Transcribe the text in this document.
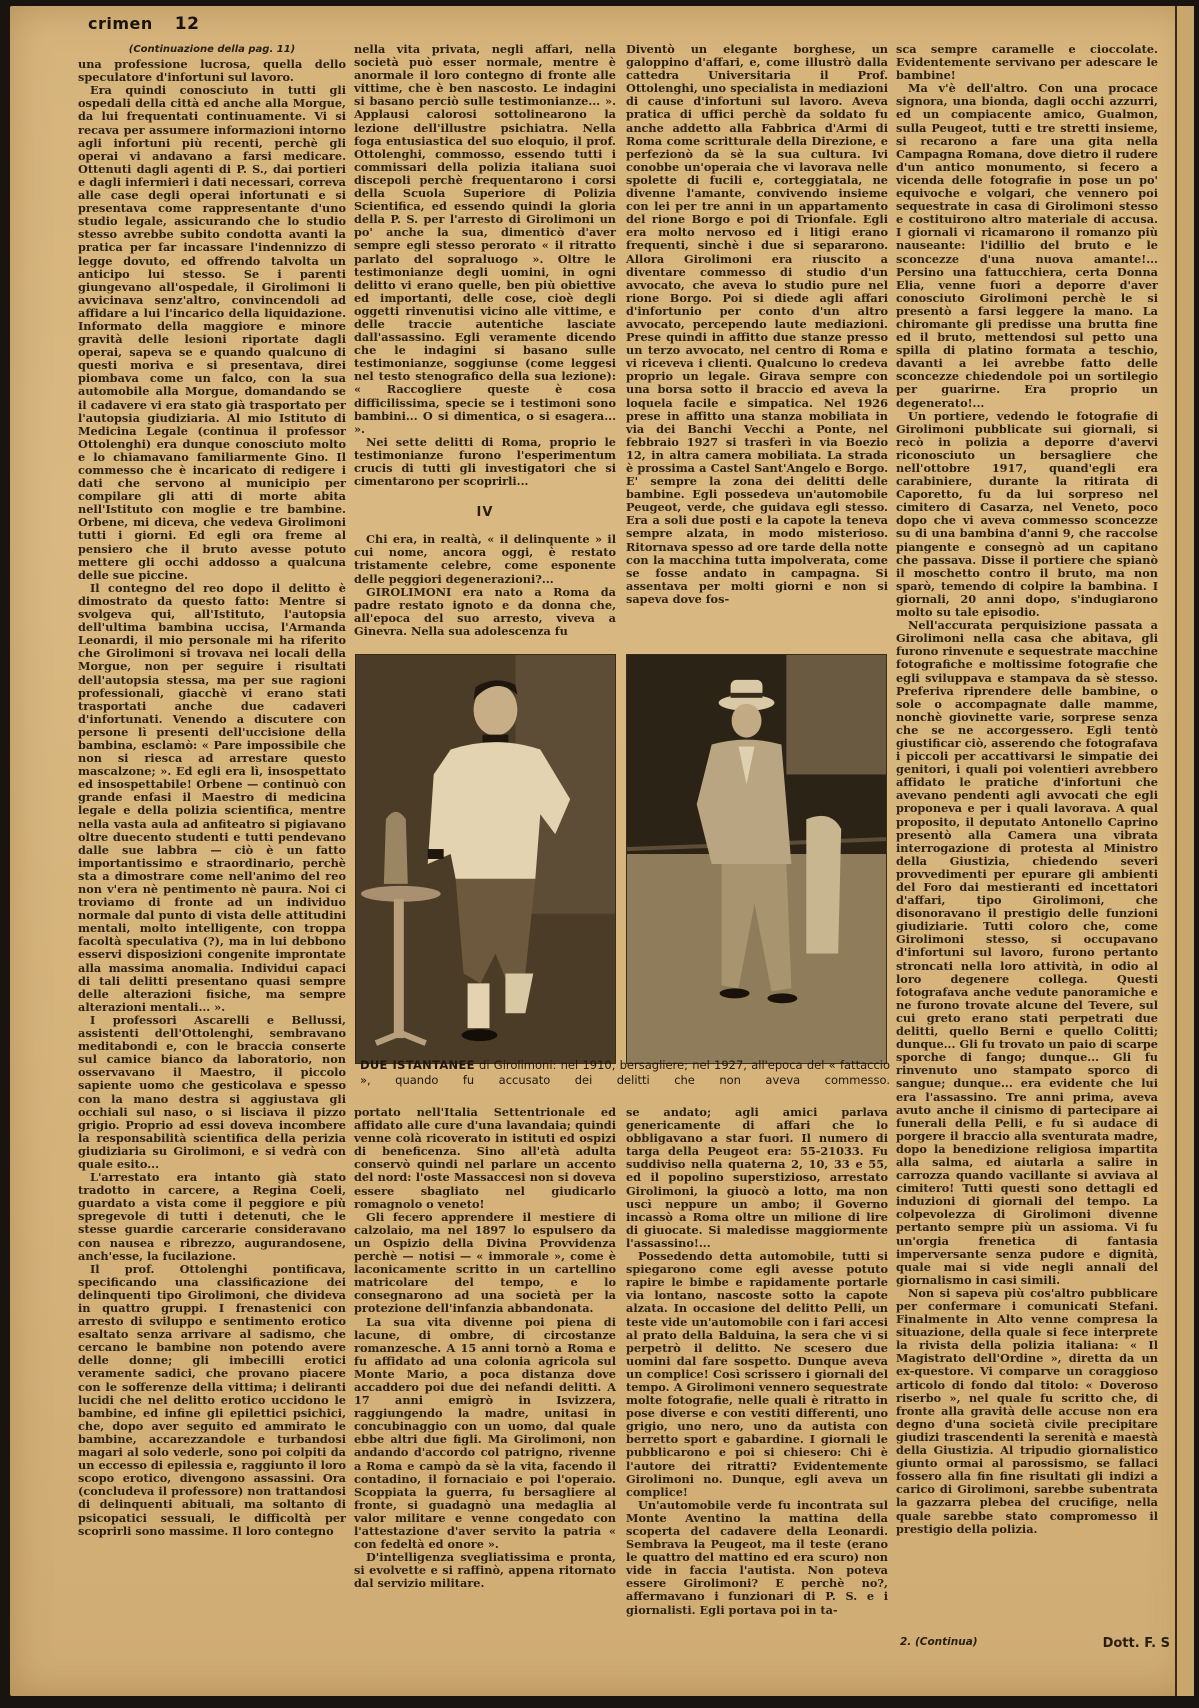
crimen 12
(Continuazione della pag. 11)

una professione lucrosa, quella dello speculatore d'infortuni sul lavoro.

Era quindi conosciuto in tutti gli ospedali della città ed anche alla Morgue, da lui frequentati continuamente. Vi si recava per assumere informazioni intorno agli infortuni più recenti, perchè gli operai vi andavano a farsi medicare. Ottenuti dagli agenti di P. S., dai portieri e dagli infermieri i dati necessari, correva alle case degli operai infortunati e si presentava come rappresentante d'uno studio legale, assicurando che lo studio stesso avrebbe subito condotta avanti la pratica per far incassare l'indennizzo di legge dovuto, ed offrendo talvolta un anticipo lui stesso. Se i parenti giungevano all'ospedale, il Girolimoni li avvicinava senz'altro, convincendoli ad affidare a lui l'incarico della liquidazione. Informato della maggiore e minore gravità delle lesioni riportate dagli operai, sapeva se e quando qualcuno di questi moriva e si presentava, direi piombava come un falco, con la sua automobile alla Morgue, domandando se il cadavere vi era stato già trasportato per l'autopsia giudiziaria. Al mio Istituto di Medicina Legale (continua il professor Ottolenghi) era dunque conosciuto molto e lo chiamavano familiarmente Gino. Il commesso che è incaricato di redigere i dati che servono al municipio per compilare gli atti di morte abita nell'Istituto con moglie e tre bambine. Orbene, mi diceva, che vedeva Girolimoni tutti i giorni. Ed egli ora freme al pensiero che il bruto avesse potuto mettere gli occhi addosso a qualcuna delle sue piccine.

Il contegno del reo dopo il delitto è dimostrato da questo fatto: Mentre si svolgeva qui, all'Istituto, l'autopsia dell'ultima bambina uccisa, l'Armanda Leonardi, il mio personale mi ha riferito che Girolimoni si trovava nei locali della Morgue, non per seguire i risultati dell'autopsia stessa, ma per sue ragioni professionali, giacchè vi erano stati trasportati anche due cadaveri d'infortunati. Venendo a discutere con persone lì presenti dell'uccisione della bambina, esclamò: « Pare impossibile che non si riesca ad arrestare questo mascalzone; ». Ed egli era lì, insospettato ed insospettabile! Orbene — continuò con grande enfasi il Maestro di medicina legale e della polizia scientifica, mentre nella vasta aula ad anfiteatro si pigiavano oltre duecento studenti e tutti pendevano dalle sue labbra — ciò è un fatto importantissimo e straordinario, perchè sta a dimostrare come nell'animo del reo non v'era nè pentimento nè paura. Noi ci troviamo di fronte ad un individuo normale dal punto di vista delle attitudini mentali, molto intelligente, con troppa facoltà speculativa (?), ma in lui debbono esservi disposizioni congenite improntate alla massima anomalia. Individui capaci di tali delitti presentano quasi sempre delle alterazioni fisiche, ma sempre alterazioni mentali... ».

I professori Ascarelli e Bellussi, assistenti dell'Ottolenghi, sembravano meditabondi e, con le braccia conserte sul camice bianco da laboratorio, non osservavano il Maestro, il piccolo sapiente uomo che gesticolava e spesso con la mano destra si aggiustava gli occhiali sul naso, o si lisciava il pizzo grigio. Proprio ad essi doveva incombere la responsabilità scientifica della perizia giudiziaria su Girolimoni, e si vedrà con quale esito...

L'arrestato era intanto già stato tradotto in carcere, a Regina Coeli, guardato a vista come il peggiore e più spregevole di tutti i detenuti, che le stesse guardie carcerarie consideravano con nausea e ribrezzo, augurandosene, anch'esse, la fucilazione.

Il prof. Ottolenghi pontificava, specificando una classificazione dei delinquenti tipo Girolimoni, che divideva in quattro gruppi. I frenastenici con arresto di sviluppo e sentimento erotico esaltato senza arrivare al sadismo, che cercano le bambine non potendo avere delle donne; gli imbecilli erotici veramente sadici, che provano piacere con le sofferenze della vittima; i deliranti lucidi che nel delitto erotico uccidono le bambine, ed infine gli epilettici psichici, che, dopo aver seguito ed ammirato le bambine, accarezzandole e turbandosi magari al solo vederle, sono poi colpiti da un eccesso di epilessia e, raggiunto il loro scopo erotico, divengono assassini. Ora (concludeva il professore) non trattandosi di delinquenti abituali, ma soltanto di psicopatici sessuali, le difficoltà per scoprirli sono massime. Il loro contegno

nella vita privata, negli affari, nella società può esser normale, mentre è anormale il loro contegno di fronte alle vittime, che è ben nascosto. Le indagini si basano perciò sulle testimonianze... ». Applausi calorosi sottolinearono la lezione dell'illustre psichiatra. Nella foga entusiastica del suo eloquio, il prof. Ottolenghi, commosso, essendo tutti i commissari della polizia italiana suoi discepoli perchè frequentarono i corsi della Scuola Superiore di Polizia Scientifica, ed essendo quindi la gloria della P. S. per l'arresto di Girolimoni un po' anche la sua, dimenticò d'aver sempre egli stesso perorato « il ritratto parlato del sopraluogo ». Oltre le testimonianze degli uomini, in ogni delitto vi erano quelle, ben più obiettive ed importanti, delle cose, cioè degli oggetti rinvenutisi vicino alle vittime, e delle traccie autentiche lasciate dall'assassino. Egli veramente dicendo che le indagini si basano sulle testimonianze, soggiunse (come leggesi nel testo stenografico della sua lezione): « Raccogliere queste è cosa difficilissima, specie se i testimoni sono bambini... O si dimentica, o si esagera... ».

Nei sette delitti di Roma, proprio le testimonianze furono l'esperimentum crucis di tutti gli investigatori che si cimentarono per scoprirli...

IV

Chi era, in realtà, « il delinquente » il cui nome, ancora oggi, è restato tristamente celebre, come esponente delle peggiori degenerazioni?...

GIROLIMONI era nato a Roma da padre restato ignoto e da donna che, all'epoca del suo arresto, viveva a Ginevra. Nella sua adolescenza fu

Diventò un elegante borghese, un galoppino d'affari, e, come illustrò dalla cattedra Universitaria il Prof. Ottolenghi, uno specialista in mediazioni di cause d'infortuni sul lavoro. Aveva pratica di uffici perchè da soldato fu anche addetto alla Fabbrica d'Armi di Roma come scritturale della Direzione, e perfezionò da sè la sua cultura. Ivi conobbe un'operaia che vi lavorava nelle spolette di fucili e, corteggiatala, ne divenne l'amante, convivendo insieme con lei per tre anni in un appartamento del rione Borgo e poi di Trionfale. Egli era molto nervoso ed i litigi erano frequenti, sinchè i due si separarono. Allora Girolimoni era riuscito a diventare commesso di studio d'un avvocato, che aveva lo studio pure nel rione Borgo. Poi si diede agli affari d'infortunio per conto d'un altro avvocato, percependo laute mediazioni. Prese quindi in affitto due stanze presso un terzo avvocato, nel centro di Roma e vi riceveva i clienti. Qualcuno lo credeva proprio un legale. Girava sempre con una borsa sotto il braccio ed aveva la loquela facile e simpatica. Nel 1926 prese in affitto una stanza mobiliata in via dei Banchi Vecchi a Ponte, nel febbraio 1927 si trasferì in via Boezio 12, in altra camera mobiliata. La strada è prossima a Castel Sant'Angelo e Borgo. E' sempre la zona dei delitti delle bambine. Egli possedeva un'automobile Peugeot, verde, che guidava egli stesso. Era a soli due posti e la capote la teneva sempre alzata, in modo misterioso. Ritornava spesso ad ore tarde della notte con la macchina tutta impolverata, come se fosse andato in campagna. Si assentava per molti giorni e non si sapeva dove fos-

sca sempre caramelle e cioccolate. Evidentemente servivano per adescare le bambine!

Ma v'è dell'altro. Con una procace signora, una bionda, dagli occhi azzurri, ed un compiacente amico, Gualmon, sulla Peugeot, tutti e tre stretti insieme, si recarono a fare una gita nella Campagna Romana, dove dietro il rudere d'un antico monumento, si fecero a vicenda delle fotografie in pose un po' equivoche e volgari, che vennero poi sequestrate in casa di Girolimoni stesso e costituirono altro materiale di accusa. I giornali vi ricamarono il romanzo più nauseante: l'idillio del bruto e le sconcezze d'una nuova amante!... Persino una fattucchiera, certa Donna Elia, venne fuori a deporre d'aver conosciuto Girolimoni perchè le si presentò a farsi leggere la mano. La chiromante gli predisse una brutta fine ed il bruto, mettendosi sul petto una spilla di platino formata a teschio, davanti a lei avrebbe fatto delle sconcezze chiedendole poi un sortilegio per guarirne. Era proprio un degenerato!...

Un portiere, vedendo le fotografie di Girolimoni pubblicate sui giornali, si recò in polizia a deporre d'avervi riconosciuto un bersagliere che nell'ottobre 1917, quand'egli era carabiniere, durante la ritirata di Caporetto, fu da lui sorpreso nel cimitero di Casarza, nel Veneto, poco dopo che vi aveva commesso sconcezze su di una bambina d'anni 9, che raccolse piangente e consegnò ad un capitano che passava. Disse il portiere che spianò il moschetto contro il bruto, ma non sparò, temendo di colpire la bambina. I giornali, 20 anni dopo, s'indugiarono molto su tale episodio.

Nell'accurata perquisizione passata a Girolimoni nella casa che abitava, gli furono rinvenute e sequestrate macchine fotografiche e moltissime fotografie che egli sviluppava e stampava da sè stesso. Preferiva riprendere delle bambine, o sole o accompagnate dalle mamme, nonchè giovinette varie, sorprese senza che se ne accorgessero. Egli tentò giustificar ciò, asserendo che fotografava i piccoli per accattivarsi le simpatie dei genitori, i quali poi volentieri avrebbero affidato le pratiche d'infortuni che avevano pendenti agli avvocati che egli proponeva e per i quali lavorava. A qual proposito, il deputato Antonello Caprino presentò alla Camera una vibrata interrogazione di protesta al Ministro della Giustizia, chiedendo severi provvedimenti per epurare gli ambienti del Foro dai mestieranti ed incettatori d'affari, tipo Girolimoni, che disonoravano il prestigio delle funzioni giudiziarie. Tutti coloro che, come Girolimoni stesso, si occupavano d'infortuni sul lavoro, furono pertanto stroncati nella loro attività, in odio al loro degenere collega. Questi fotografava anche vedute panoramiche e ne furono trovate alcune del Tevere, sul cui greto erano stati perpetrati due delitti, quello Berni e quello Colitti; dunque... Gli fu trovato un paio di scarpe sporche di fango; dunque... Gli fu rinvenuto uno stampato sporco di sangue; dunque... era evidente che lui era l'assassino. Tre anni prima, aveva avuto anche il cinismo di partecipare ai funerali della Pelli, e fu sì audace di porgere il braccio alla sventurata madre, dopo la benedizione religiosa impartita alla salma, ed aiutarla a salire in carrozza quando vacillante si avviava al cimitero! Tutti questi sono dettagli ed induzioni di giornali del tempo. La colpevolezza di Girolimoni divenne pertanto sempre più un assioma. Vi fu un'orgia frenetica di fantasia imperversante senza pudore e dignità, quale mai si vide negli annali del giornalismo in casi simili.

Non si sapeva più cos'altro pubblicare per confermare i comunicati Stefani. Finalmente in Alto venne compresa la situazione, della quale si fece interprete la rivista della polizia italiana: « Il Magistrato dell'Ordine », diretta da un ex-questore. Vi comparve un coraggioso articolo di fondo dal titolo: « Doveroso riserbo », nel quale fu scritto che, di fronte alla gravità delle accuse non era degno d'una società civile precipitare giudizi trascendenti la serenità e maestà della Giustizia. Al tripudio giornalistico giunto ormai al parossismo, se fallaci fossero alla fin fine risultati gli indizi a carico di Girolimoni, sarebbe subentrata la gazzarra plebea del crucifige, nella quale sarebbe stato compromesso il prestigio della polizia.

DUE ISTANTANEE di Girolimoni: nel 1910, bersagliere; nel 1927, all'epoca del « fattaccio », quando fu accusato dei delitti che non aveva commesso.

portato nell'Italia Settentrionale ed affidato alle cure d'una lavandaia; quindi venne colà ricoverato in istituti ed ospizi di beneficenza. Sino all'età adulta conservò quindi nel parlare un accento del nord: l'oste Massaccesi non si doveva essere sbagliato nel giudicarlo romagnolo o veneto!

Gli fecero apprendere il mestiere di calzolaio, ma nel 1897 lo espulsero da un Ospizio della Divina Provvidenza perchè — notisi — « immorale », come è laconicamente scritto in un cartellino matricolare del tempo, e lo consegnarono ad una società per la protezione dell'infanzia abbandonata.

La sua vita divenne poi piena di lacune, di ombre, di circostanze romanzesche. A 15 anni tornò a Roma e fu affidato ad una colonia agricola sul Monte Mario, a poca distanza dove accaddero poi due dei nefandi delitti. A 17 anni emigrò in Isvizzera, raggiungendo la madre, unitasi in concubinaggio con un uomo, dal quale ebbe altri due figli. Ma Girolimoni, non andando d'accordo col patrigno, rivenne a Roma e campò da sè la vita, facendo il contadino, il fornaciaio e poi l'operaio. Scoppiata la guerra, fu bersagliere al fronte, si guadagnò una medaglia al valor militare e venne congedato con l'attestazione d'aver servito la patria « con fedeltà ed onore ».

D'intelligenza svegliatissima e pronta, si evolvette e si raffinò, appena ritornato dal servizio militare.

se andato; agli amici parlava genericamente di affari che lo obbligavano a star fuori. Il numero di targa della Peugeot era: 55-21033. Fu suddiviso nella quaterna 2, 10, 33 e 55, ed il popolino superstizioso, arrestato Girolimoni, la giuocò a lotto, ma non uscì neppure un ambo; il Governo incassò a Roma oltre un milione di lire di giuocate. Si maledisse maggiormente l'assassino!...

Possedendo detta automobile, tutti si spiegarono come egli avesse potuto rapire le bimbe e rapidamente portarle via lontano, nascoste sotto la capote alzata. In occasione del delitto Pelli, un teste vide un'automobile con i fari accesi al prato della Balduina, la sera che vi si perpetrò il delitto. Ne scesero due uomini dal fare sospetto. Dunque aveva un complice! Così scrissero i giornali del tempo. A Girolimoni vennero sequestrate molte fotografie, nelle quali è ritratto in pose diverse e con vestiti differenti, uno grigio, uno nero, uno da autista con berretto sport e gabardine. I giornali le pubblicarono e poi si chiesero: Chi è l'autore dei ritratti? Evidentemente Girolimoni no. Dunque, egli aveva un complice!

Un'automobile verde fu incontrata sul Monte Aventino la mattina della scoperta del cadavere della Leonardi. Sembrava la Peugeot, ma il teste (erano le quattro del mattino ed era scuro) non vide in faccia l'autista. Non poteva essere Girolimoni? E perchè no?, affermavano i funzionari di P. S. e i giornalisti. Egli portava poi in ta-

2. (Continua)	Dott. F. S
